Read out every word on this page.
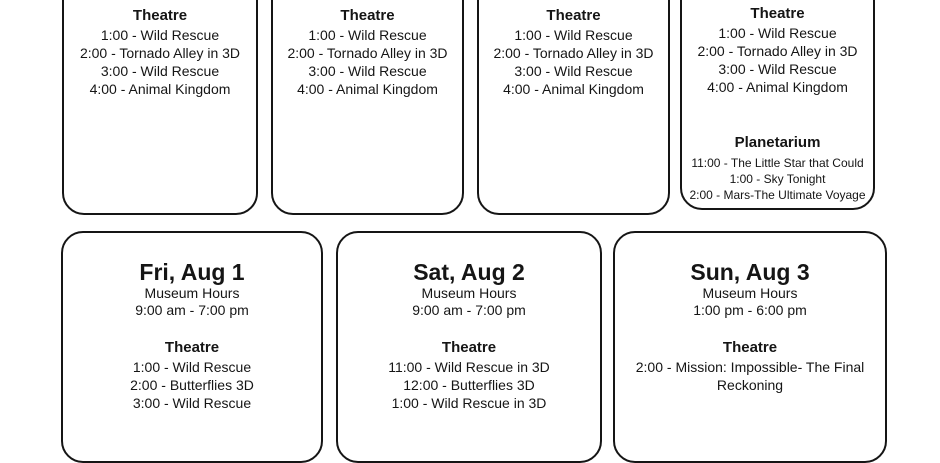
Theatre
1:00 - Wild Rescue
2:00 - Tornado Alley in 3D
3:00 - Wild Rescue
4:00 - Animal Kingdom
Theatre
1:00 - Wild Rescue
2:00 - Tornado Alley in 3D
3:00 - Wild Rescue
4:00 - Animal Kingdom
Theatre
1:00 - Wild Rescue
2:00 - Tornado Alley in 3D
3:00 - Wild Rescue
4:00 - Animal Kingdom
Theatre
1:00 - Wild Rescue
2:00 - Tornado Alley in 3D
3:00 - Wild Rescue
4:00 - Animal Kingdom
Planetarium
11:00 - The Little Star that Could
1:00 - Sky Tonight
2:00 - Mars-The Ultimate Voyage
Fri, Aug 1
Museum Hours
9:00 am - 7:00 pm
Theatre
1:00 - Wild Rescue
2:00 - Butterflies 3D
3:00 - Wild Rescue
Sat, Aug 2
Museum Hours
9:00 am - 7:00 pm
Theatre
11:00 - Wild Rescue in 3D
12:00 - Butterflies 3D
1:00 - Wild Rescue in 3D
Sun, Aug 3
Museum Hours
1:00 pm - 6:00 pm
Theatre
2:00 - Mission: Impossible- The Final Reckoning
